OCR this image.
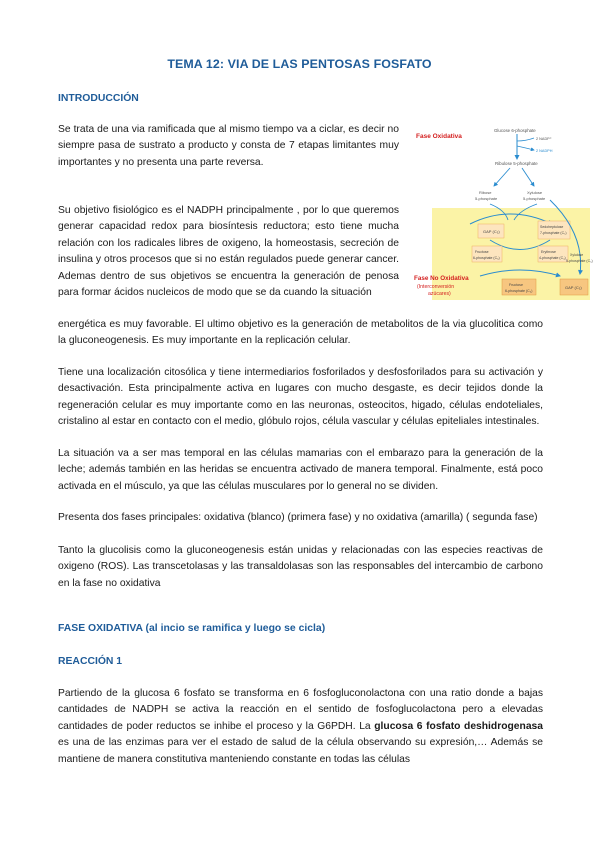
TEMA 12: VIA DE LAS PENTOSAS FOSFATO
INTRODUCCIÓN

Se trata de una via ramificada que al mismo tiempo va a ciclar, es decir no siempre pasa de sustrato a producto y consta de 7 etapas limitantes muy importantes y no presenta una parte reversa.

Su objetivo fisiológico es el NADPH principalmente , por lo que queremos generar capacidad redox para biosíntesis reductora; esto tiene mucha relación con los radicales libres de oxigeno, la homeostasis, secreción de insulina y otros procesos que si no están regulados puede generar cancer. Ademas dentro de sus objetivos se encuentra la generación de penosa para formar ácidos nucleicos de modo que se da cuando la situación

energética es muy favorable. El ultimo objetivo es la generación de metabolitos de la via glucolitica como la gluconeogenesis. Es muy importante en la replicación celular.

Tiene una localización citosólica y tiene intermediarios fosforilados y desfosforilados para su activación y desactivación. Esta principalmente activa en lugares con mucho desgaste, es decir tejidos donde la regeneración celular es muy importante como en las neuronas, osteocitos, higado, células endoteliales, cristalino al estar en contacto con el medio, glóbulo rojos, célula vascular y células epiteliales intestinales.

La situación va a ser mas temporal en las células mamarias con el embarazo para la generación de la leche; además también en las heridas se encuentra activado de manera temporal. Finalmente, está poco activada en el músculo, ya que las células musculares por lo general no se dividen.

Presenta dos fases principales: oxidativa (blanco) (primera fase) y no oxidativa (amarilla) ( segunda fase)

Tanto la glucolisis como la gluconeogenesis están unidas y relacionadas con las especies reactivas de oxigeno (ROS). Las transcetolasas y las transaldolasas son las responsables del intercambio de carbono en la fase no oxidativa

FASE OXIDATIVA (al incio se ramifica y luego se cicla)
REACCIÓN 1

Partiendo de la glucosa 6 fosfato se transforma en 6 fosfogluconolactona con una ratio donde a bajas cantidades de NADPH se activa la reacción en el sentido de fosfoglucolactona pero a elevadas cantidades de poder reductos se inhibe el proceso y la G6PDH. La glucosa 6 fosfato deshidrogenasa es una de las enzimas para ver el estado de salud de la célula observando su expresión,… Además se mantiene de manera constitutiva manteniendo constante en todas las células

Fase Oxidativa
Fase No Oxidativa
(Interconversión
azúcares)
Glucose 6-phosphate
2 NADP⁺
2 NADPH
Ribulose 5-phosphate
Ribose
5-phosphate
Xylulose
5-phosphate
GAP (C₃)
Sedoheptulose
7-phosphate (C₇)
Fructose
6-phosphate (C₆)
Erythrose
4-phosphate (C₄)
Xylulose
5-phosphate (C₅)
Fructose
6-phosphate (C₆)
GAP (C₃)
